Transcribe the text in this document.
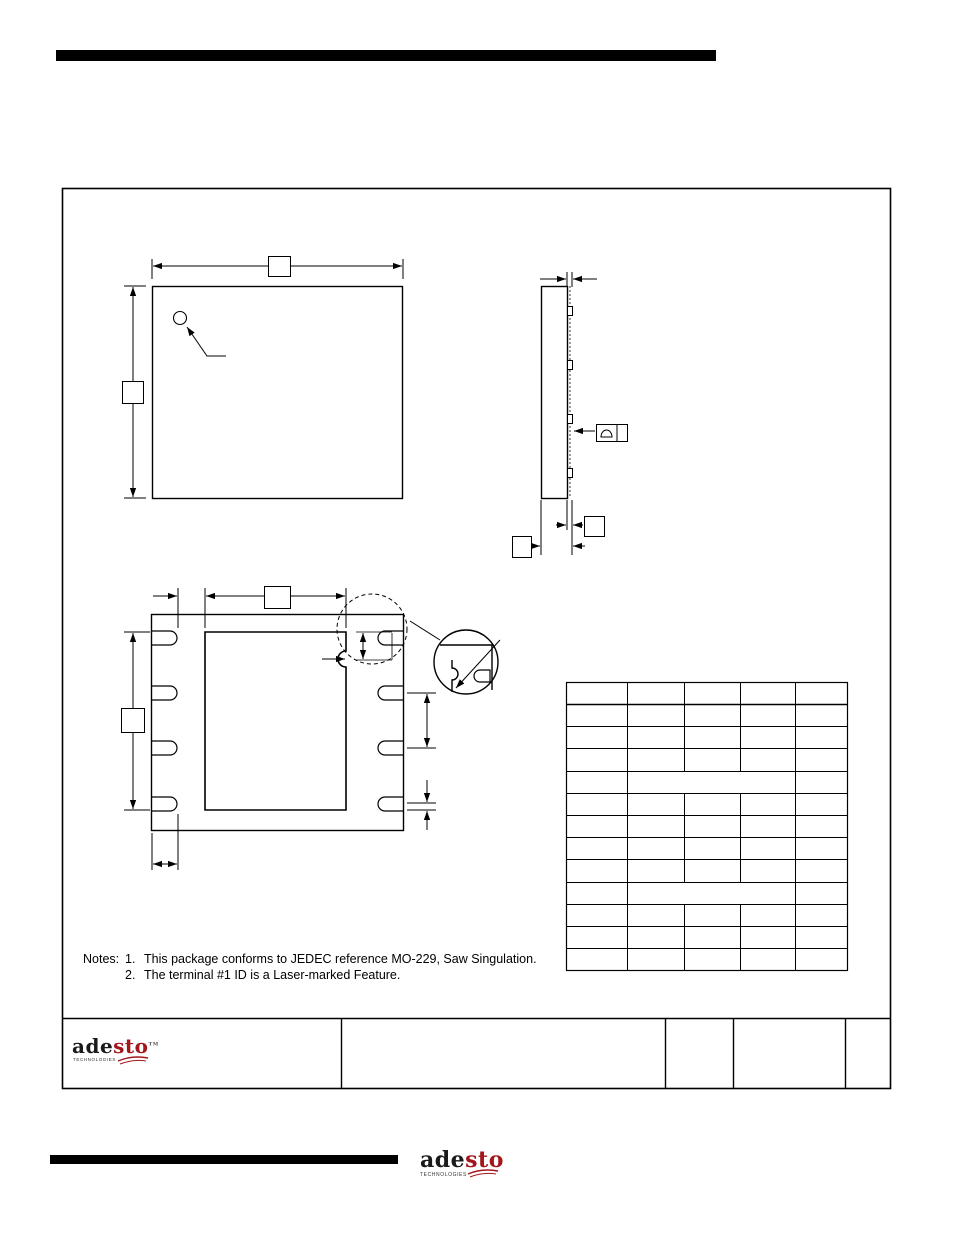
Notes: 1. This package conforms to JEDEC reference MO-229, Saw Singulation.
2. The terminal #1 ID is a Laser-marked Feature.
adesto™
TECHNOLOGIES
adesto
TECHNOLOGIES
